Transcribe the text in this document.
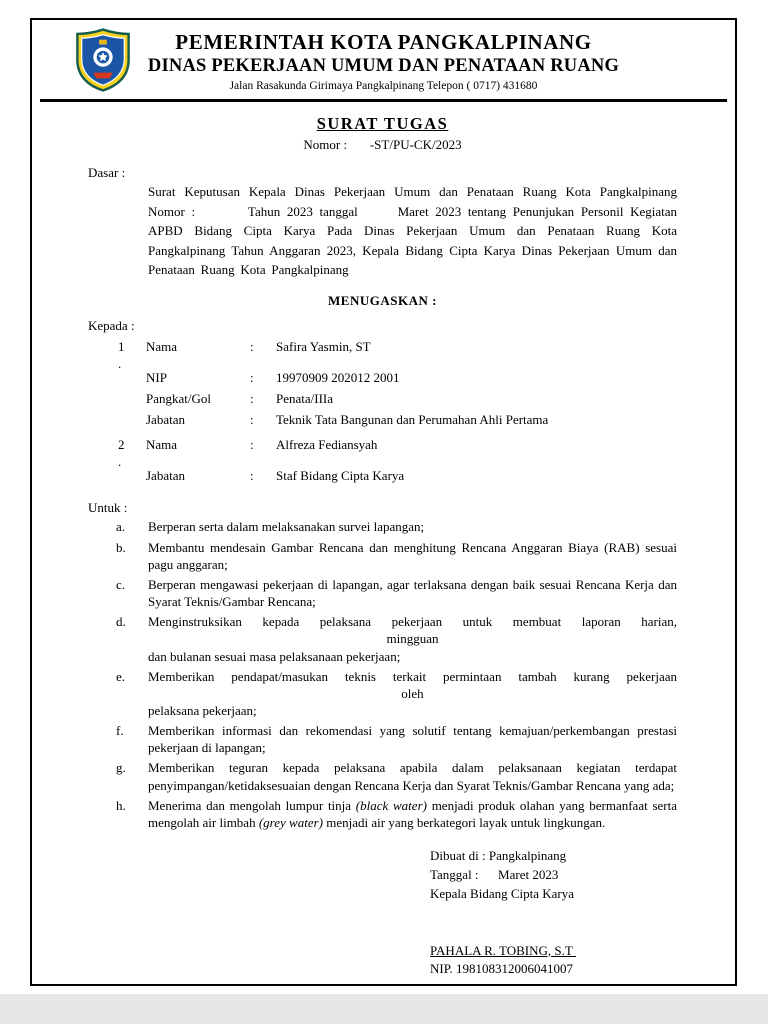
PEMERINTAH KOTA PANGKALPINANG
DINAS PEKERJAAN UMUM DAN PENATAAN RUANG
Jalan Rasakunda Girimaya Pangkalpinang Telepon ( 0717) 431680
SURAT TUGAS
Nomor :       -ST/PU-CK/2023
Dasar :
Surat Keputusan Kepala Dinas Pekerjaan Umum dan Penataan Ruang Kota Pangkalpinang Nomor :        Tahun 2023 tanggal      Maret 2023 tentang Penunjukan Personil Kegiatan APBD Bidang Cipta Karya Pada Dinas Pekerjaan Umum dan Penataan Ruang Kota Pangkalpinang Tahun Anggaran 2023, Kepala Bidang Cipta Karya Dinas Pekerjaan Umum dan Penataan Ruang Kota Pangkalpinang
MENUGASKAN :
Kepada :
1
.
Nama	:	Safira Yasmin, ST
NIP	:	19970909 202012 2001
Pangkat/Gol	:	Penata/IIIa
Jabatan	:	Teknik Tata Bangunan dan Perumahan Ahli Pertama
2
.
Nama	:	Alfreza Fediansyah
Jabatan	:	Staf Bidang Cipta Karya
Untuk :
a.	Berperan serta dalam melaksanakan survei lapangan;
b.	Membantu mendesain Gambar Rencana dan menghitung Rencana Anggaran Biaya (RAB) sesuai pagu anggaran;
c.	Berperan mengawasi pekerjaan di lapangan, agar terlaksana dengan baik sesuai Rencana Kerja dan Syarat Teknis/Gambar Rencana;
d.	Menginstruksikan kepada pelaksana pekerjaan untuk membuat laporan harian,
mingguan
dan bulanan sesuai masa pelaksanaan pekerjaan;
e.	Memberikan pendapat/masukan teknis terkait permintaan tambah kurang pekerjaan
oleh
pelaksana pekerjaan;
f.	Memberikan informasi dan rekomendasi yang solutif tentang kemajuan/perkembangan prestasi pekerjaan di lapangan;
g.	Memberikan teguran kepada pelaksana apabila dalam pelaksanaan kegiatan terdapat penyimpangan/ketidaksesuaian dengan Rencana Kerja dan Syarat Teknis/Gambar Rencana yang ada;
h.	Menerima dan mengolah lumpur tinja (black water) menjadi produk olahan yang bermanfaat serta mengolah air limbah (grey water) menjadi air yang berkategori layak untuk lingkungan.
Dibuat di : Pangkalpinang
Tanggal :      Maret 2023
Kepala Bidang Cipta Karya
PAHALA R. TOBING, S.T
NIP. 198108312006041007
